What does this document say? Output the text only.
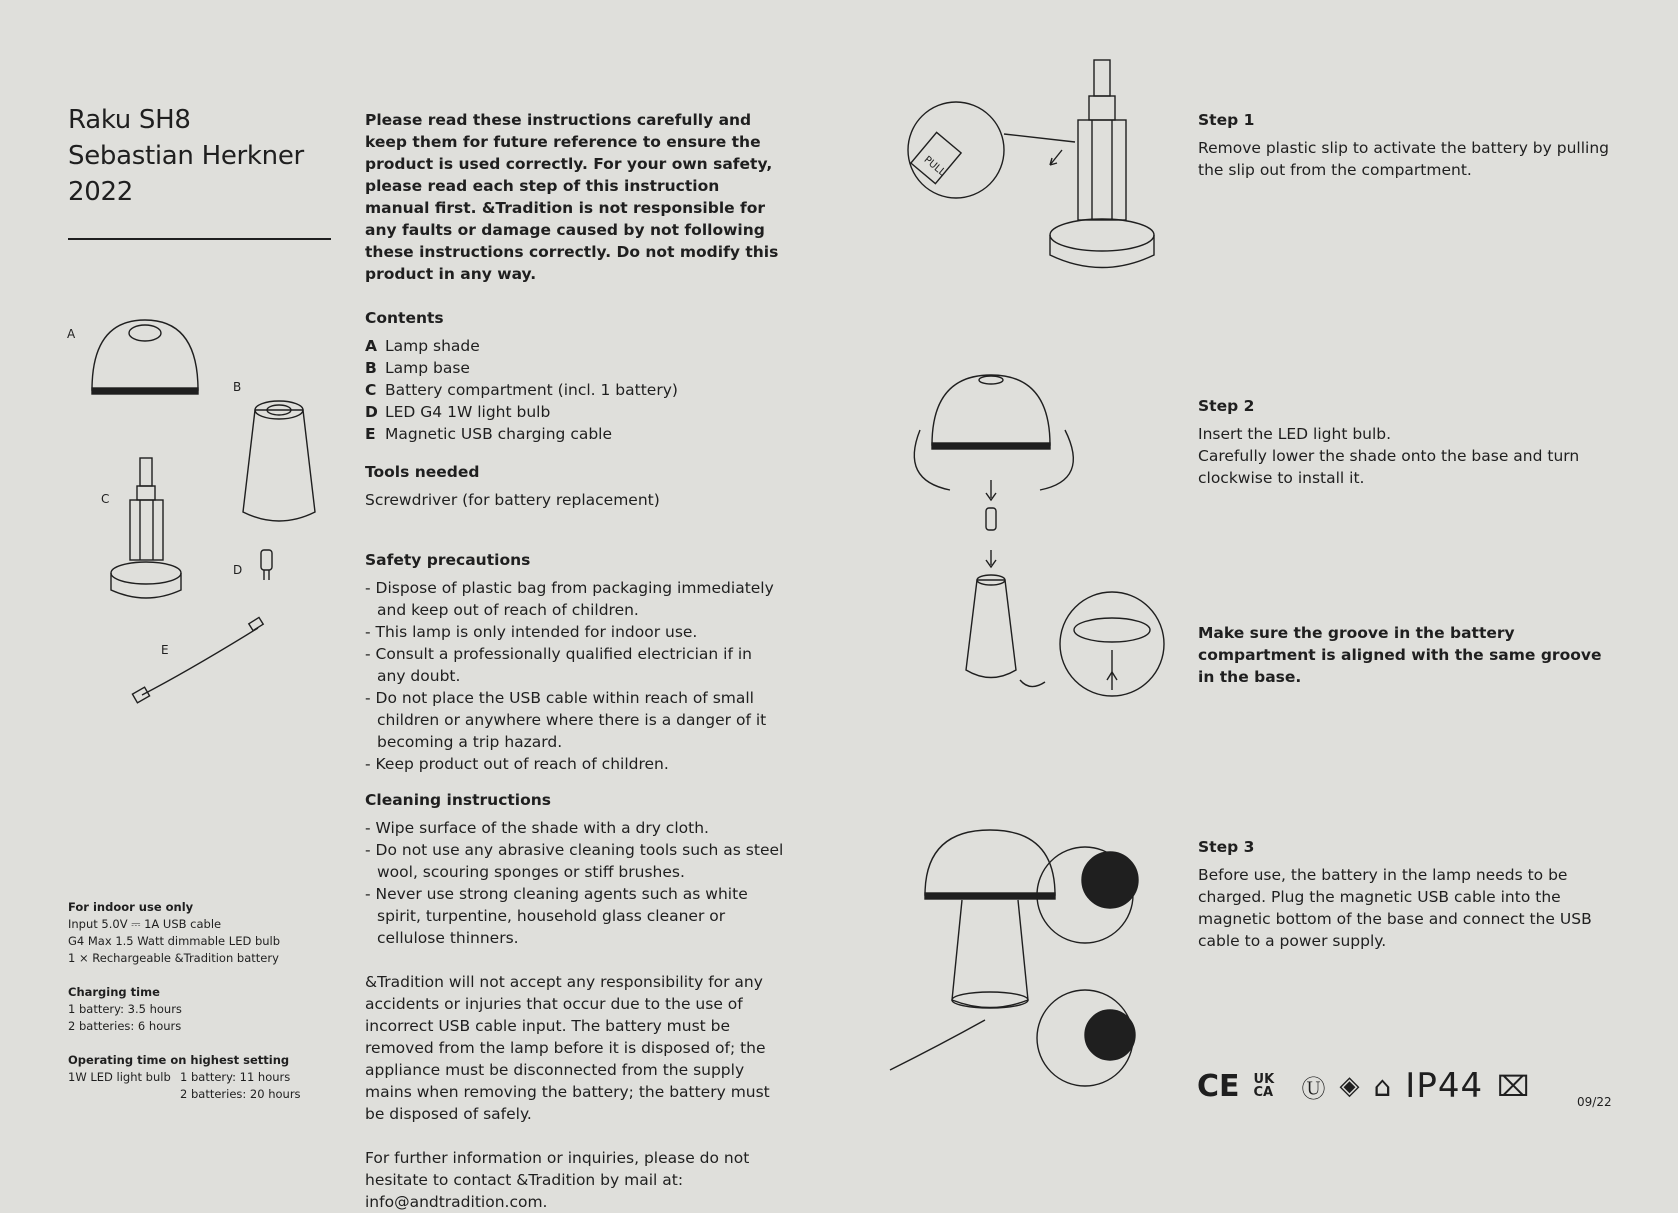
Raku SH8
Sebastian Herkner
2022
A
B
C
D
E
For indoor use only
Input 5.0V ⎓ 1A USB cable
G4 Max 1.5 Watt dimmable LED bulb
1 × Rechargeable &Tradition battery
Charging time
1 battery: 3.5 hours
2 batteries: 6 hours
Operating time on highest setting
1W LED light bulb 1 battery: 11 hours
2 batteries: 20 hours
Please read these instructions carefully and keep them for future reference to ensure the product is used correctly. For your own safety, please read each step of this instruction manual first. &Tradition is not responsible for any faults or damage caused by not following these instructions correctly. Do not modify this product in any way.
Contents
A Lamp shade
B Lamp base
C Battery compartment (incl. 1 battery)
D LED G4 1W light bulb
E Magnetic USB charging cable
Tools needed
Screwdriver (for battery replacement)
Safety precautions
- Dispose of plastic bag from packaging immediately and keep out of reach of children.
- This lamp is only intended for indoor use.
- Consult a professionally qualified electrician if in any doubt.
- Do not place the USB cable within reach of small children or anywhere where there is a danger of it becoming a trip hazard.
- Keep product out of reach of children.
Cleaning instructions
- Wipe surface of the shade with a dry cloth.
- Do not use any abrasive cleaning tools such as steel wool, scouring sponges or stiff brushes.
- Never use strong cleaning agents such as white spirit, turpentine, household glass cleaner or cellulose thinners.
&Tradition will not accept any responsibility for any accidents or injuries that occur due to the use of incorrect USB cable input. The battery must be removed from the lamp before it is disposed of; the appliance must be disconnected from the supply mains when removing the battery; the battery must be disposed of safely.
For further information or inquiries, please do not hesitate to contact &Tradition by mail at: info@andtradition.com.
PULL
Step 1
Remove plastic slip to activate the battery by pulling the slip out from the compartment.
Step 2
Insert the LED light bulb.
Carefully lower the shade onto the base and turn clockwise to install it.
Make sure the groove in the battery compartment is aligned with the same groove in the base.
Step 3
Before use, the battery in the lamp needs to be charged. Plug the magnetic USB cable into the magnetic bottom of the base and connect the USB cable to a power supply.
CE UK CA	Ⓤ ◈ ⌂ IP44 ⌧	09/22
